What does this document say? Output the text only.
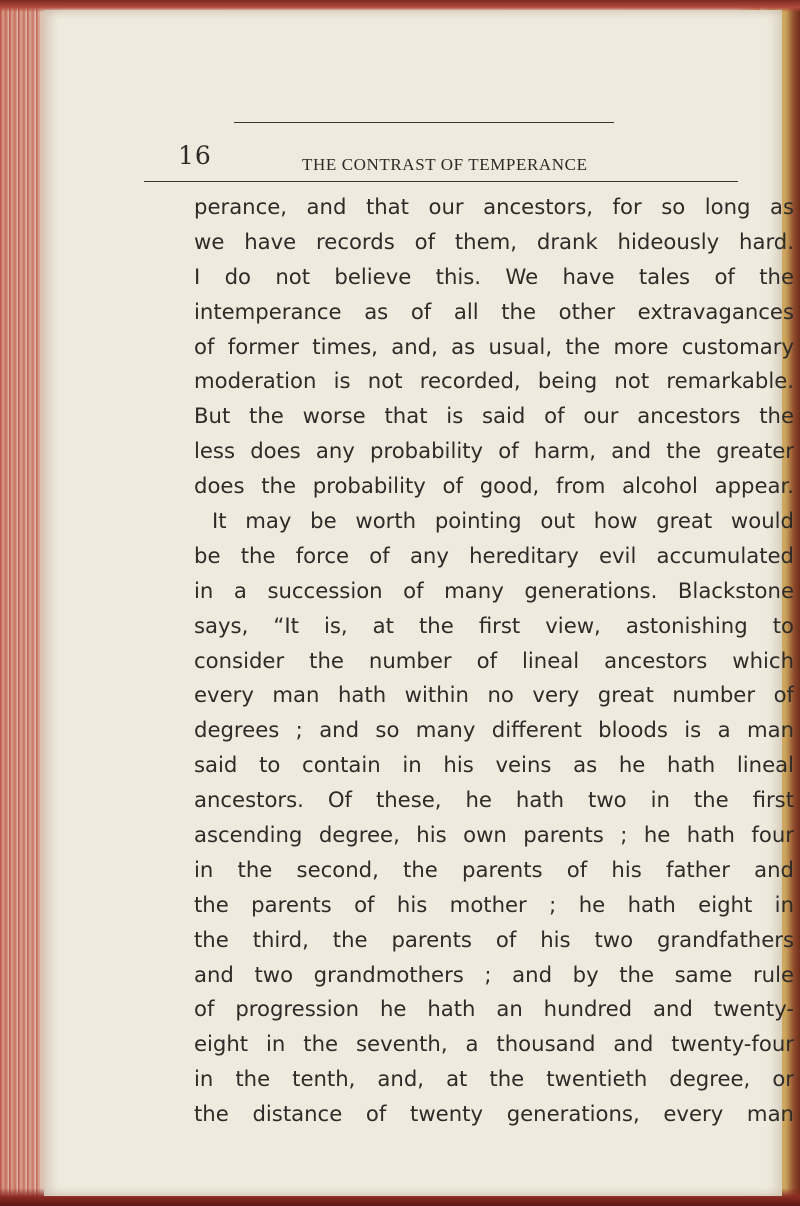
16	THE CONTRAST OF TEMPERANCE
perance, and that our ancestors, for so long as
we have records of them, drank hideously hard.
I do not believe this. We have tales of the
intemperance as of all the other extravagances
of former times, and, as usual, the more customary
moderation is not recorded, being not remarkable.
But the worse that is said of our ancestors the
less does any probability of harm, and the greater
does the probability of good, from alcohol appear.
It may be worth pointing out how great would
be the force of any hereditary evil accumulated
in a succession of many generations. Blackstone
says, “It is, at the first view, astonishing to
consider the number of lineal ancestors which
every man hath within no very great number of
degrees ; and so many different bloods is a man
said to contain in his veins as he hath lineal
ancestors. Of these, he hath two in the first
ascending degree, his own parents ; he hath four
in the second, the parents of his father and
the parents of his mother ; he hath eight in
the third, the parents of his two grandfathers
and two grandmothers ; and by the same rule
of progression he hath an hundred and twenty-
eight in the seventh, a thousand and twenty-four
in the tenth, and, at the twentieth degree, or
the distance of twenty generations, every man
